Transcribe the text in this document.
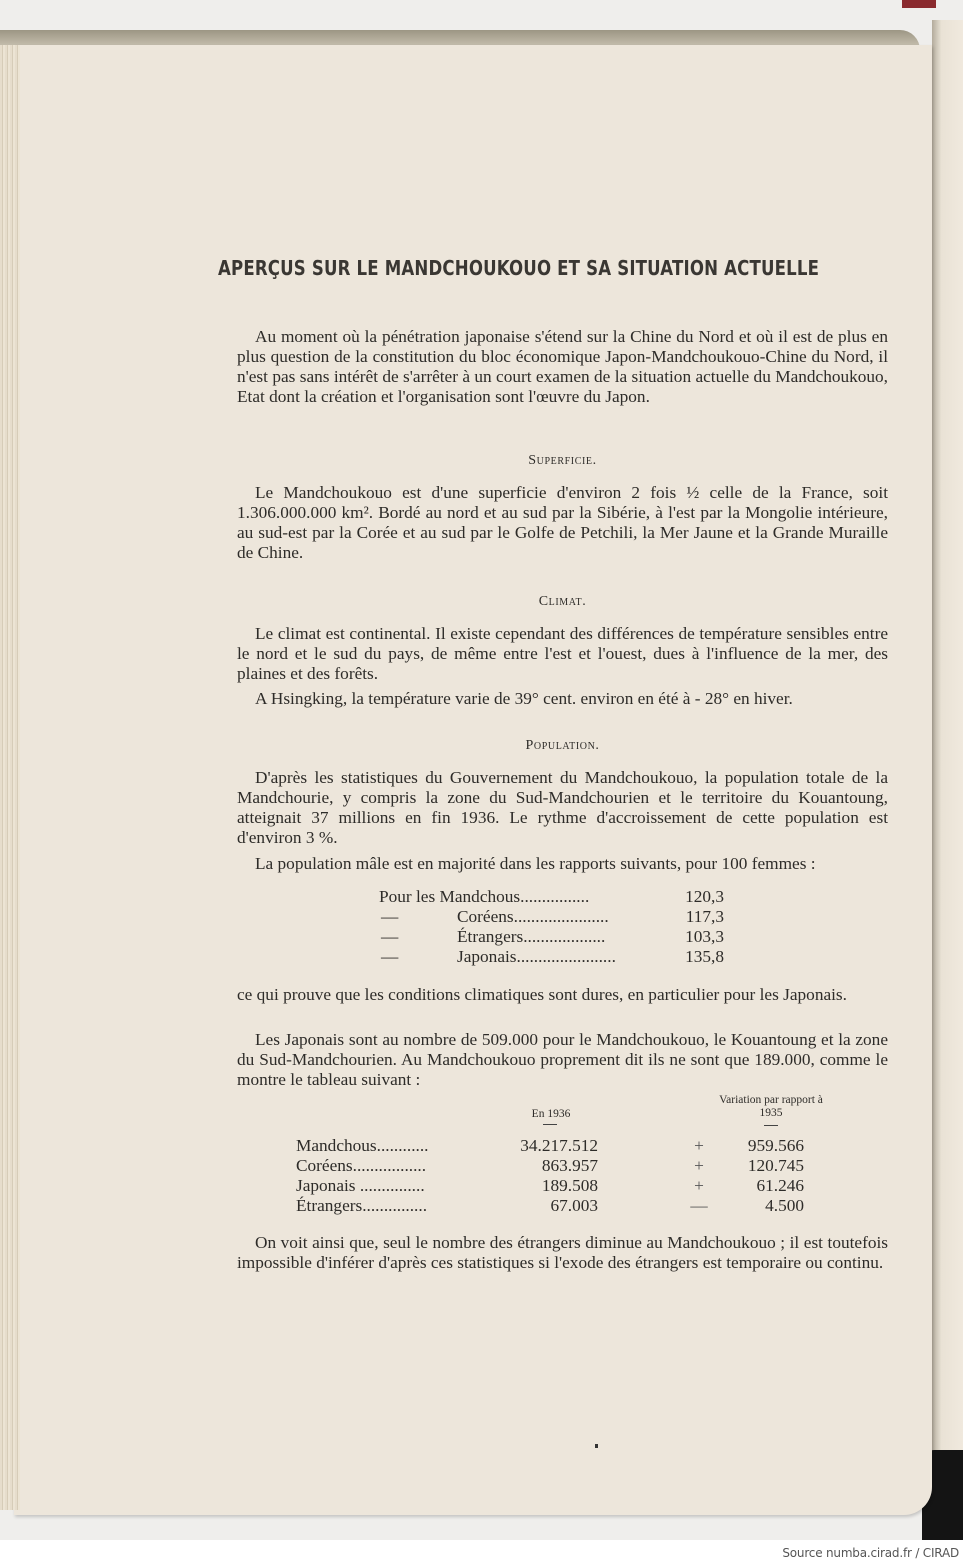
APERÇUS SUR LE MANDCHOUKOUO ET SA SITUATION ACTUELLE
Au moment où la pénétration japonaise s'étend sur la Chine du Nord et où il est de plus en plus question de la constitution du bloc économique Japon-Mandchoukouo-Chine du Nord, il n'est pas sans intérêt de s'arrêter à un court examen de la situation actuelle du Mandchoukouo, Etat dont la création et l'organisation sont l'œuvre du Japon.
Superficie.
Le Mandchoukouo est d'une superficie d'environ 2 fois ½ celle de la France, soit 1.306.000.000 km². Bordé au nord et au sud par la Sibérie, à l'est par la Mongolie intérieure, au sud-est par la Corée et au sud par le Golfe de Petchili, la Mer Jaune et la Grande Muraille de Chine.
Climat.
Le climat est continental. Il existe cependant des différences de température sensibles entre le nord et le sud du pays, de même entre l'est et l'ouest, dues à l'influence de la mer, des plaines et des forêts.
A Hsingking, la température varie de 39° cent. environ en été à - 28° en hiver.
Population.
D'après les statistiques du Gouvernement du Mandchoukouo, la population totale de la Mandchourie, y compris la zone du Sud-Mandchourien et le territoire du Kouantoung, atteignait 37 millions en fin 1936. Le rythme d'accroissement de cette population est d'environ 3 %.
La population mâle est en majorité dans les rapports suivants, pour 100 femmes :
Pour les
Mandchous ................	120,3
—	Coréens ......................	117,3
—	Étrangers ...................	103,3
—	Japonais .......................	135,8
ce qui prouve que les conditions climatiques sont dures, en particulier pour les Japonais.
Les Japonais sont au nombre de 509.000 pour le Mandchoukouo, le Kouantoung et la zone du Sud-Mandchourien. Au Mandchoukouo proprement dit ils ne sont que 189.000, comme le montre le tableau suivant :
En 1936
Variation par rapport à 1935
Mandchous............	34.217.512	+	959.566
Coréens.................	863.957	+	120.745
Japonais ...............	189.508	+	61.246
Étrangers...............	67.003	—	4.500
On voit ainsi que, seul le nombre des étrangers diminue au Mandchoukouo ; il est toutefois impossible d'inférer d'après ces statistiques si l'exode des étrangers est temporaire ou continu.
Source numba.cirad.fr / CIRAD
